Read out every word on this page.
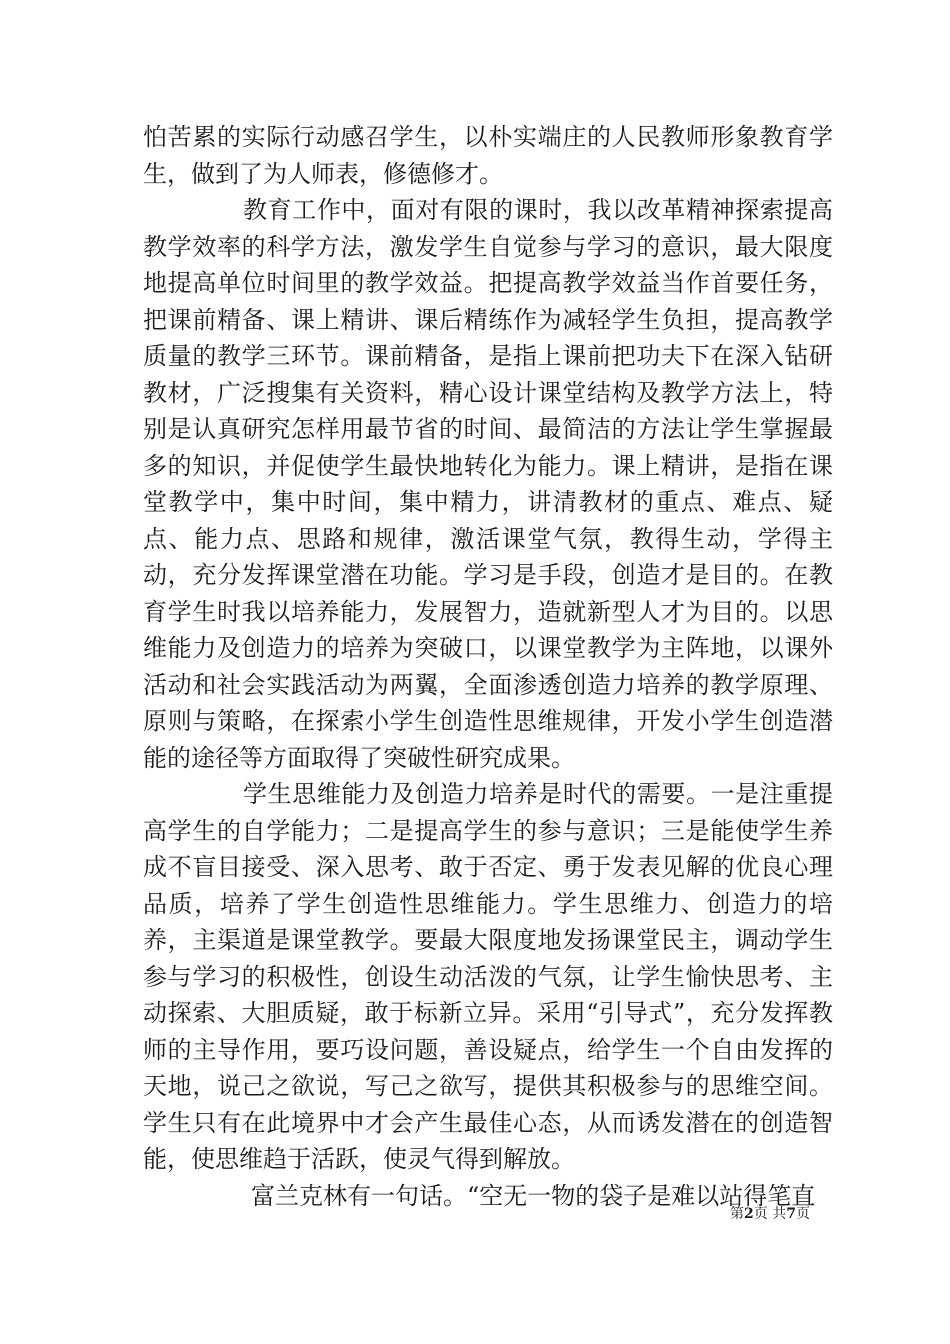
怕苦累的实际行动感召学生，以朴实端庄的人民教师形象教育学生，做到了为人师表，修德修才。

教育工作中，面对有限的课时，我以改革精神探索提高教学效率的科学方法，激发学生自觉参与学习的意识，最大限度地提高单位时间里的教学效益。把提高教学效益当作首要任务，把课前精备、课上精讲、课后精练作为减轻学生负担，提高教学质量的教学三环节。课前精备，是指上课前把功夫下在深入钻研教材，广泛搜集有关资料，精心设计课堂结构及教学方法上，特别是认真研究怎样用最节省的时间、最简洁的方法让学生掌握最多的知识，并促使学生最快地转化为能力。课上精讲，是指在课堂教学中，集中时间，集中精力，讲清教材的重点、难点、疑点、能力点、思路和规律，激活课堂气氛，教得生动，学得主动，充分发挥课堂潜在功能。学习是手段，创造才是目的。在教育学生时我以培养能力，发展智力，造就新型人才为目的。以思维能力及创造力的培养为突破口，以课堂教学为主阵地，以课外活动和社会实践活动为两翼，全面渗透创造力培养的教学原理、原则与策略，在探索小学生创造性思维规律，开发小学生创造潜能的途径等方面取得了突破性研究成果。

学生思维能力及创造力培养是时代的需要。一是注重提高学生的自学能力；二是提高学生的参与意识；三是能使学生养成不盲目接受、深入思考、敢于否定、勇于发表见解的优良心理品质，培养了学生创造性思维能力。学生思维力、创造力的培养，主渠道是课堂教学。要最大限度地发扬课堂民主，调动学生参与学习的积极性，创设生动活泼的气氛，让学生愉快思考、主动探索、大胆质疑，敢于标新立异。采用“引导式”，充分发挥教师的主导作用，要巧设问题，善设疑点，给学生一个自由发挥的天地，说己之欲说，写己之欲写，提供其积极参与的思维空间。学生只有在此境界中才会产生最佳心态，从而诱发潜在的创造智能，使思维趋于活跃，使灵气得到解放。

富兰克林有一句话。“空无一物的袋子是难以站得笔直

第2页 共7页
